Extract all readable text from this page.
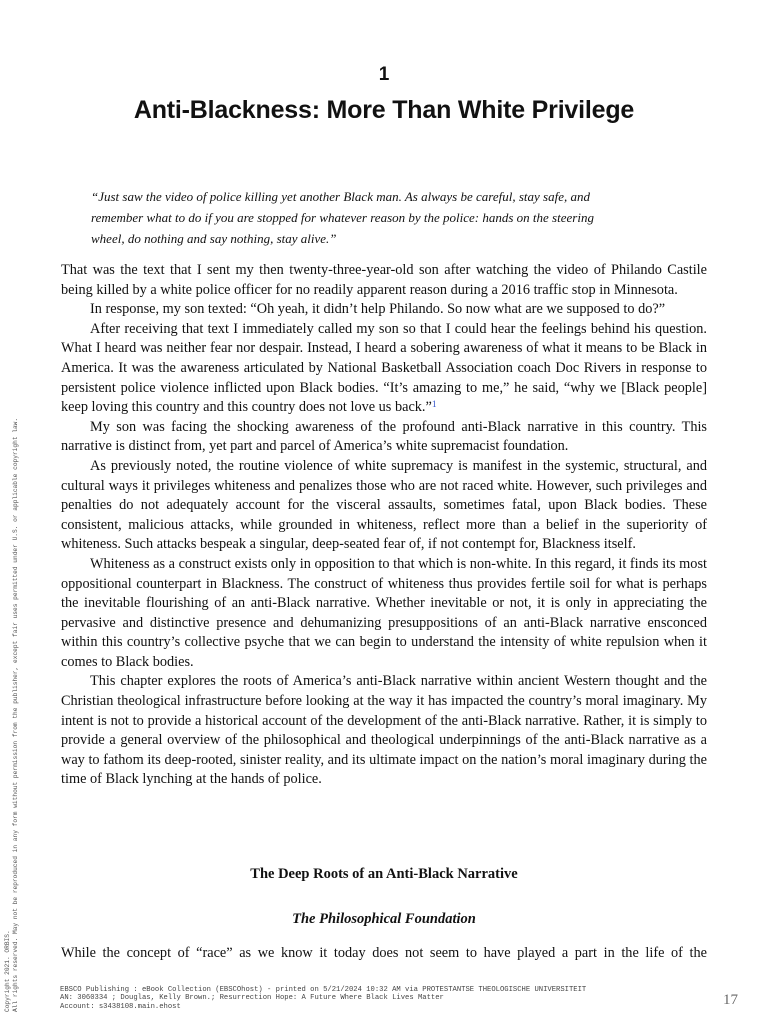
1
Anti-Blackness: More Than White Privilege
“Just saw the video of police killing yet another Black man. As always be careful, stay safe, and remember what to do if you are stopped for whatever reason by the police: hands on the steering wheel, do nothing and say nothing, stay alive.”

That was the text that I sent my then twenty-three-year-old son after watching the video of Philando Castile being killed by a white police officer for no readily apparent reason during a 2016 traffic stop in Minnesota.

In response, my son texted: “Oh yeah, it didn’t help Philando. So now what are we supposed to do?”

After receiving that text I immediately called my son so that I could hear the feelings behind his question. What I heard was neither fear nor despair. Instead, I heard a sobering awareness of what it means to be Black in America. It was the awareness articulated by National Basketball Association coach Doc Rivers in response to persistent police violence inflicted upon Black bodies. “It’s amazing to me,” he said, “why we [Black people] keep loving this country and this country does not love us back.”$^1$

My son was facing the shocking awareness of the profound anti-Black narrative in this country. This narrative is distinct from, yet part and parcel of America’s white supremacist foundation.

As previously noted, the routine violence of white supremacy is manifest in the systemic, structural, and cultural ways it privileges whiteness and penalizes those who are not raced white. However, such privileges and penalties do not adequately account for the visceral assaults, sometimes fatal, upon Black bodies. These consistent, malicious attacks, while grounded in whiteness, reflect more than a belief in the superiority of whiteness. Such attacks bespeak a singular, deep-seated fear of, if not contempt for, Blackness itself.

Whiteness as a construct exists only in opposition to that which is non-white. In this regard, it finds its most oppositional counterpart in Blackness. The construct of whiteness thus provides fertile soil for what is perhaps the inevitable flourishing of an anti-Black narrative. Whether inevitable or not, it is only in appreciating the pervasive and distinctive presence and dehumanizing presuppositions of an anti-Black narrative ensconced within this country’s collective psyche that we can begin to understand the intensity of white repulsion when it comes to Black bodies.

This chapter explores the roots of America’s anti-Black narrative within ancient Western thought and the Christian theological infrastructure before looking at the way it has impacted the country’s moral imaginary. My intent is not to provide a historical account of the development of the anti-Black narrative. Rather, it is simply to provide a general overview of the philosophical and theological underpinnings of the anti-Black narrative as a way to fathom its deep-rooted, sinister reality, and its ultimate impact on the nation’s moral imaginary during the time of Black lynching at the hands of police.

The Deep Roots of an Anti-Black Narrative
The Philosophical Foundation
While the concept of “race” as we know it today does not seem to have played a part in the life of the
Copyright 2021. ORBIS. All rights reserved. May not be reproduced in any form without permission from the publisher, except fair uses permitted under U.S. or applicable copyright law.	EBSCO Publishing : eBook Collection (EBSCOhost) - printed on 5/21/2024 10:32 AM via PROTESTANTSE THEOLOGISCHE UNIVERSITEIT
AN: 3060334 ; Douglas, Kelly Brown.; Resurrection Hope: A Future Where Black Lives Matter
Account: s3438108.main.ehost	17
